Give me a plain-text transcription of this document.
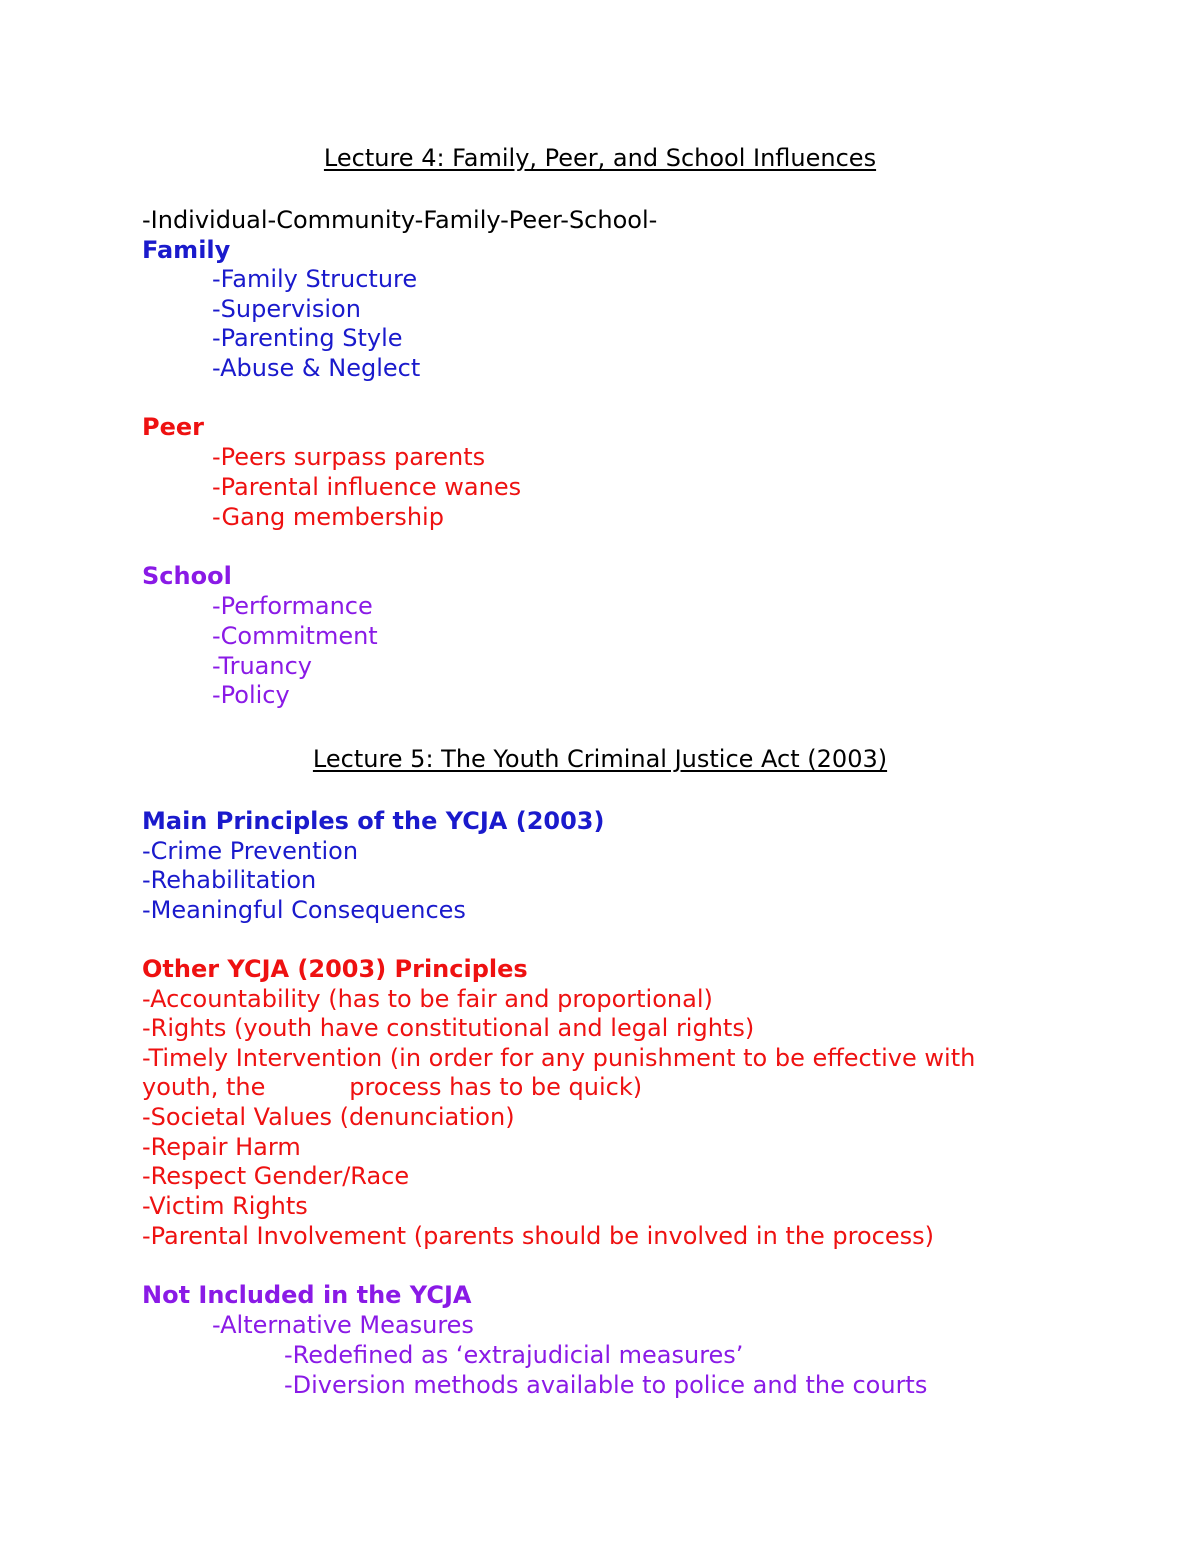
Lecture 4: Family, Peer, and School Influences
-Individual-Community-Family-Peer-School-
Family
-Family Structure
-Supervision
-Parenting Style
-Abuse & Neglect
Peer
-Peers surpass parents
-Parental influence wanes
-Gang membership
School
-Performance
-Commitment
-Truancy
-Policy
Lecture 5: The Youth Criminal Justice Act (2003)
Main Principles of the YCJA (2003)
-Crime Prevention
-Rehabilitation
-Meaningful Consequences
Other YCJA (2003) Principles
-Accountability (has to be fair and proportional)
-Rights (youth have constitutional and legal rights)
-Timely Intervention (in order for any punishment to be effective with
youth, the           process has to be quick)
-Societal Values (denunciation)
-Repair Harm
-Respect Gender/Race
-Victim Rights
-Parental Involvement (parents should be involved in the process)
Not Included in the YCJA
-Alternative Measures
-Redefined as ‘extrajudicial measures’
-Diversion methods available to police and the courts
